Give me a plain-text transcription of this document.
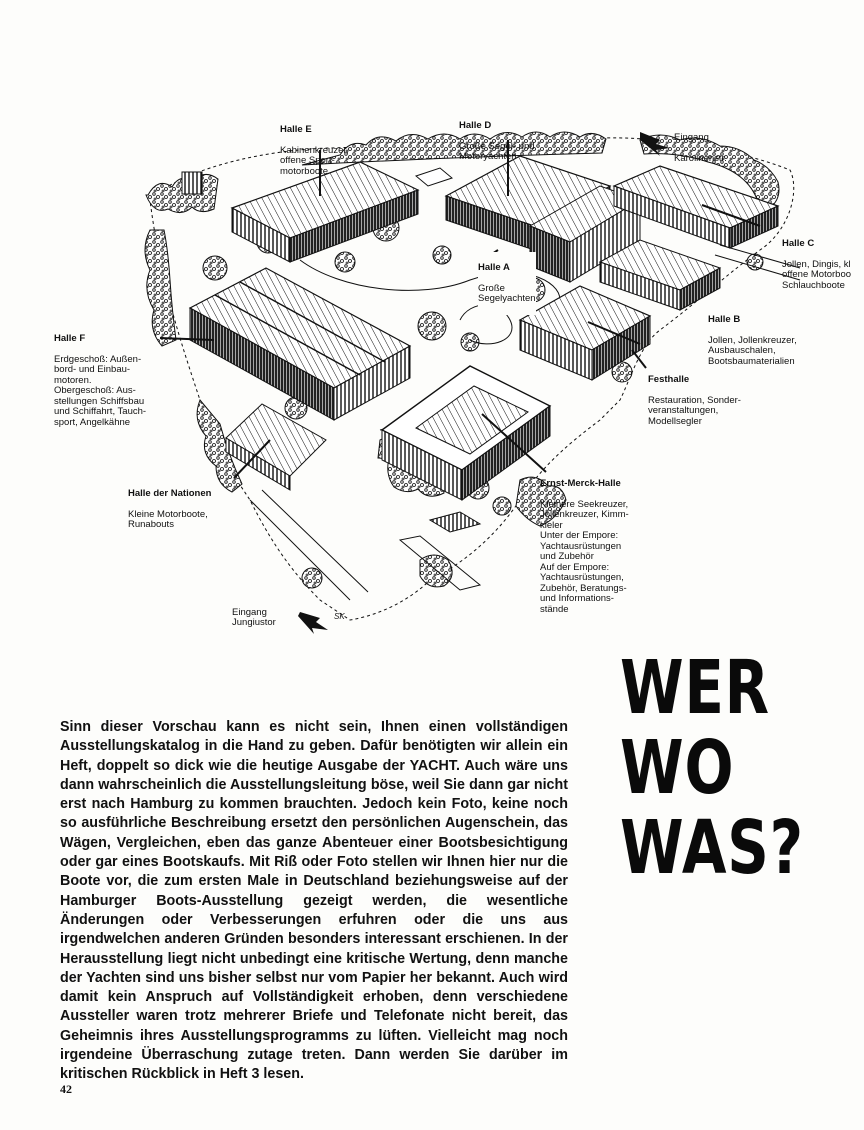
Halle E

Kabinenkreuzer,
offene Sport-
motorboote

Halle D

Große Segel- und
Motoryachten

Eingang

Karolinenstr.

Halle C

Jollen, Dingis, kl
offene Motorboo
Schlauchboote

Halle A

Große
Segelyachten

Halle B

Jollen, Jollenkreuzer,
Ausbauschalen,
Bootsbaumaterialien

Halle F

Erdgeschoß: Außen-
bord- und Einbau-
motoren.
Obergeschoß: Aus-
stellungen Schiffsbau
und Schiffahrt, Tauch-
sport, Angelkähne

Festhalle

Restauration, Sonder-
veranstaltungen,
Modellsegler

Halle der Nationen

Kleine Motorboote,
Runabouts

Ernst-Merck-Halle

Kleinere Seekreuzer,
Jollenkreuzer, Kimm-
kieler
Unter der Empore:
Yachtausrüstungen
und Zubehör
Auf der Empore:
Yachtausrüstungen,
Zubehör, Beratungs-
und Informations-
stände

Eingang
Jungiustor

SK
WER
WO
WAS?
Sinn dieser Vorschau kann es nicht sein, Ihnen einen vollständigen Ausstellungskatalog in die Hand zu geben. Dafür benötigten wir allein ein Heft, doppelt so dick wie die heutige Ausgabe der YACHT. Auch wäre uns dann wahrscheinlich die Ausstellungsleitung böse, weil Sie dann gar nicht erst nach Hamburg zu kommen brauchten. Jedoch kein Foto, keine noch so ausführliche Beschreibung ersetzt den persönlichen Augenschein, das Wägen, Vergleichen, eben das ganze Abenteuer einer Bootsbesichtigung oder gar eines Bootskaufs. Mit Riß oder Foto stellen wir Ihnen hier nur die Boote vor, die zum ersten Male in Deutschland beziehungsweise auf der Hamburger Boots-Ausstellung gezeigt werden, die wesentliche Änderungen oder Verbesserungen erfuhren oder die uns aus irgendwelchen anderen Gründen besonders interessant erschienen. In der Herausstellung liegt nicht unbedingt eine kritische Wertung, denn manche der Yachten sind uns bisher selbst nur vom Papier her bekannt. Auch wird damit kein Anspruch auf Vollständigkeit erhoben, denn verschiedene Aussteller waren trotz mehrerer Briefe und Telefonate nicht bereit, das Geheimnis ihres Ausstellungsprogramms zu lüften. Vielleicht mag noch irgendeine Überraschung zutage treten. Dann werden Sie darüber im kritischen Rückblick in Heft 3 lesen.
42
